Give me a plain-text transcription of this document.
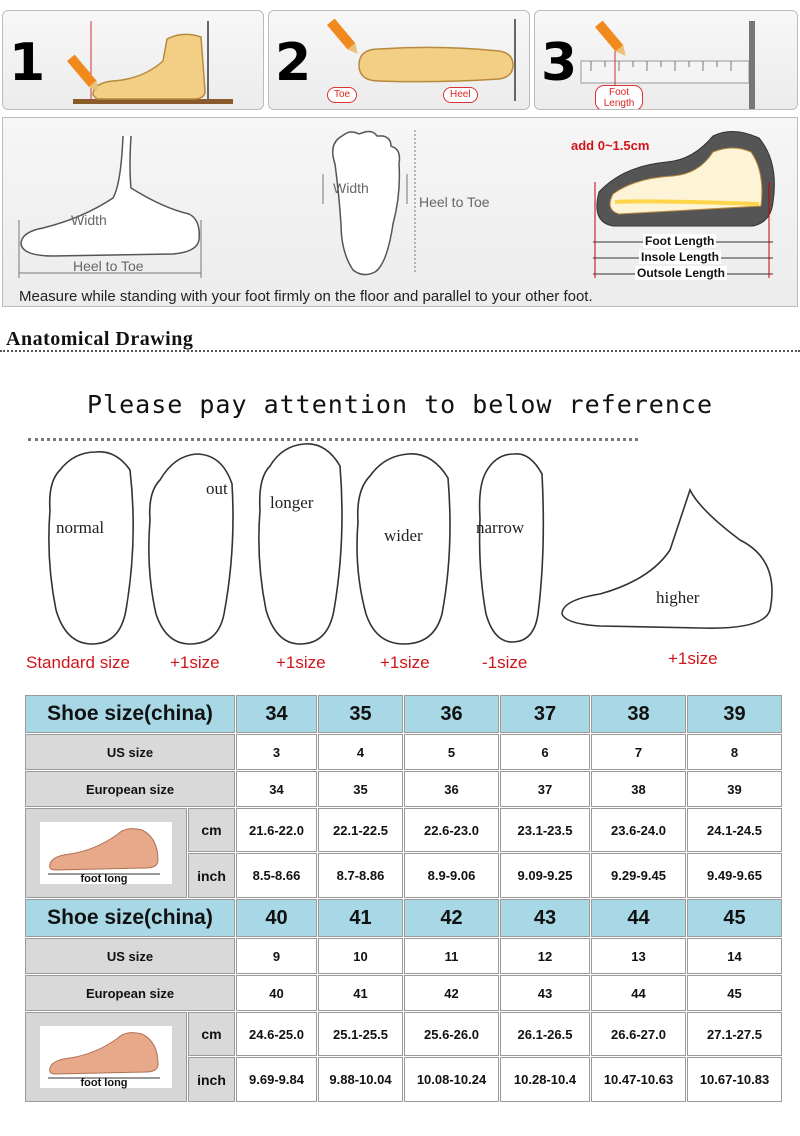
1	2
Toe	Heel
3	Foot Length
Width
Heel to Toe
Width
Heel to Toe
add 0~1.5cm
Foot Length
Insole Length
Outsole Length
Measure while standing with your foot firmly on the floor and parallel to your other foot.
Anatomical Drawing
Please pay attention to below reference
normal
out
longer
wider	narrow
higher
Standard size +1size	+1size	+1size	-1size	+1size
Shoe size(china)		34	35	36	37	38	39
US size		3	4	5	6	7	8
European size		34	35	36	37	38	39

foot long	cm	21.6-22.0	22.1-22.5	22.6-23.0	23.1-23.5	23.6-24.0	24.1-24.5
	inch	8.5-8.66	8.7-8.86	8.9-9.06	9.09-9.25	9.29-9.45	9.49-9.65
Shoe size(china)		40	41	42	43	44	45
US size		9	10	11	12	13	14
European size		40	41	42	43	44	45

foot long	cm	24.6-25.0	25.1-25.5	25.6-26.0	26.1-26.5	26.6-27.0	27.1-27.5
	inch	9.69-9.84	9.88-10.04	10.08-10.24	10.28-10.4	10.47-10.63	10.67-10.83
